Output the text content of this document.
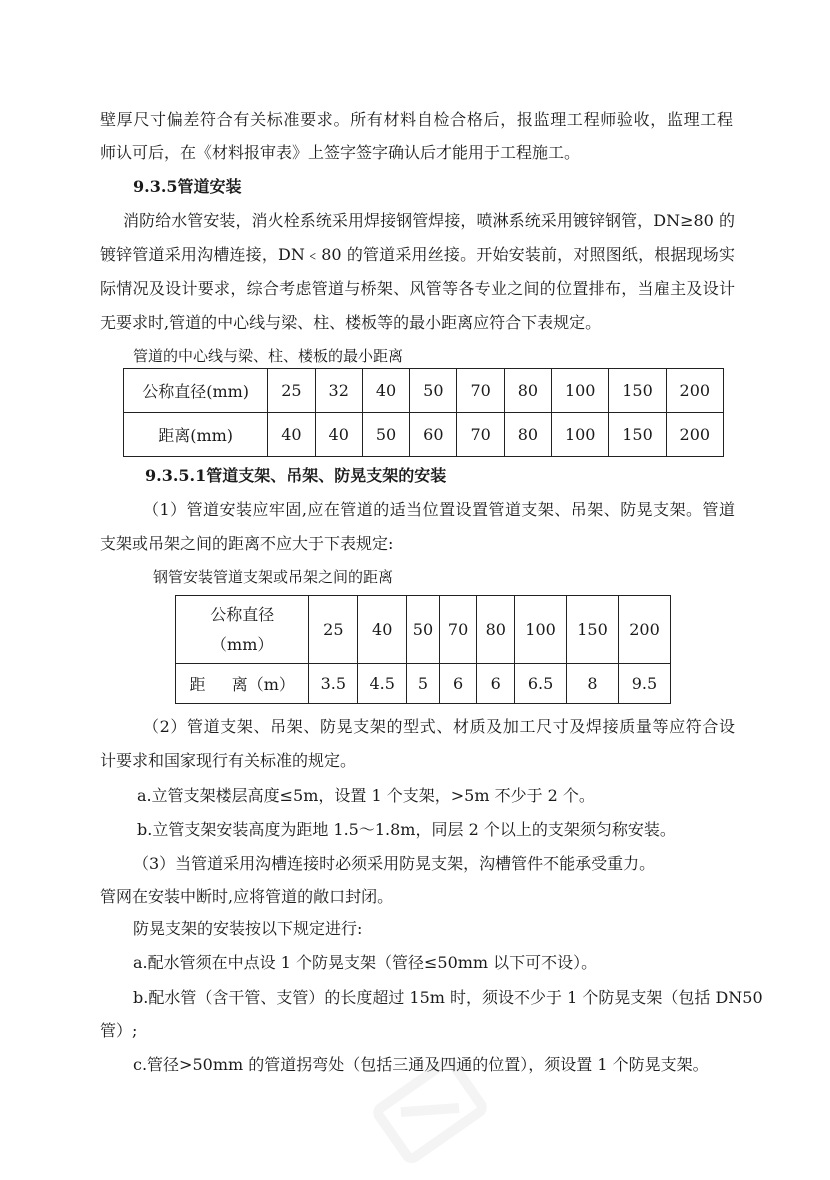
壁厚尺寸偏差符合有关标准要求。所有材料自检合格后，报监理工程师验收，监理工程
师认可后，在《材料报审表》上签字签字确认后才能用于工程施工。
9.3.5管道安装
消防给水管安装，消火栓系统采用焊接钢管焊接，喷淋系统采用镀锌钢管，DN≥80 的
镀锌管道采用沟槽连接，DN﹤80 的管道采用丝接。开始安装前，对照图纸，根据现场实
际情况及设计要求，综合考虑管道与桥架、风管等各专业之间的位置排布，当雇主及设计
无要求时,管道的中心线与梁、柱、楼板等的最小距离应符合下表规定。
管道的中心线与梁、柱、楼板的最小距离
公称直径(mm)	25	32	40	50	70	80	100	150	200
距离(mm)	40	40	50	60	70	80	100	150	200
9.3.5.1管道支架、吊架、防晃支架的安装
（1）管道安装应牢固,应在管道的适当位置设置管道支架、吊架、防晃支架。管道
支架或吊架之间的距离不应大于下表规定:
钢管安装管道支架或吊架之间的距离
公称直径
（mm）	25	40	50	70	80	100	150	200
距　  离（m）	3.5	4.5	5	6	6	6.5	8	9.5
（2）管道支架、吊架、防晃支架的型式、材质及加工尺寸及焊接质量等应符合设
计要求和国家现行有关标准的规定。
a.立管支架楼层高度≤5m，设置 1 个支架，>5m 不少于 2 个。
b.立管支架安装高度为距地 1.5～1.8m，同层 2 个以上的支架须匀称安装。
（3）当管道采用沟槽连接时必须采用防晃支架，沟槽管件不能承受重力。
管网在安装中断时,应将管道的敞口封闭。
防晃支架的安装按以下规定进行:
a.配水管须在中点设 1 个防晃支架（管径≤50mm 以下可不设）。
b.配水管（含干管、支管）的长度超过 15m 时，须设不少于 1 个防晃支架（包括 DN50
管）;
c.管径>50mm 的管道拐弯处（包括三通及四通的位置），须设置 1 个防晃支架。
